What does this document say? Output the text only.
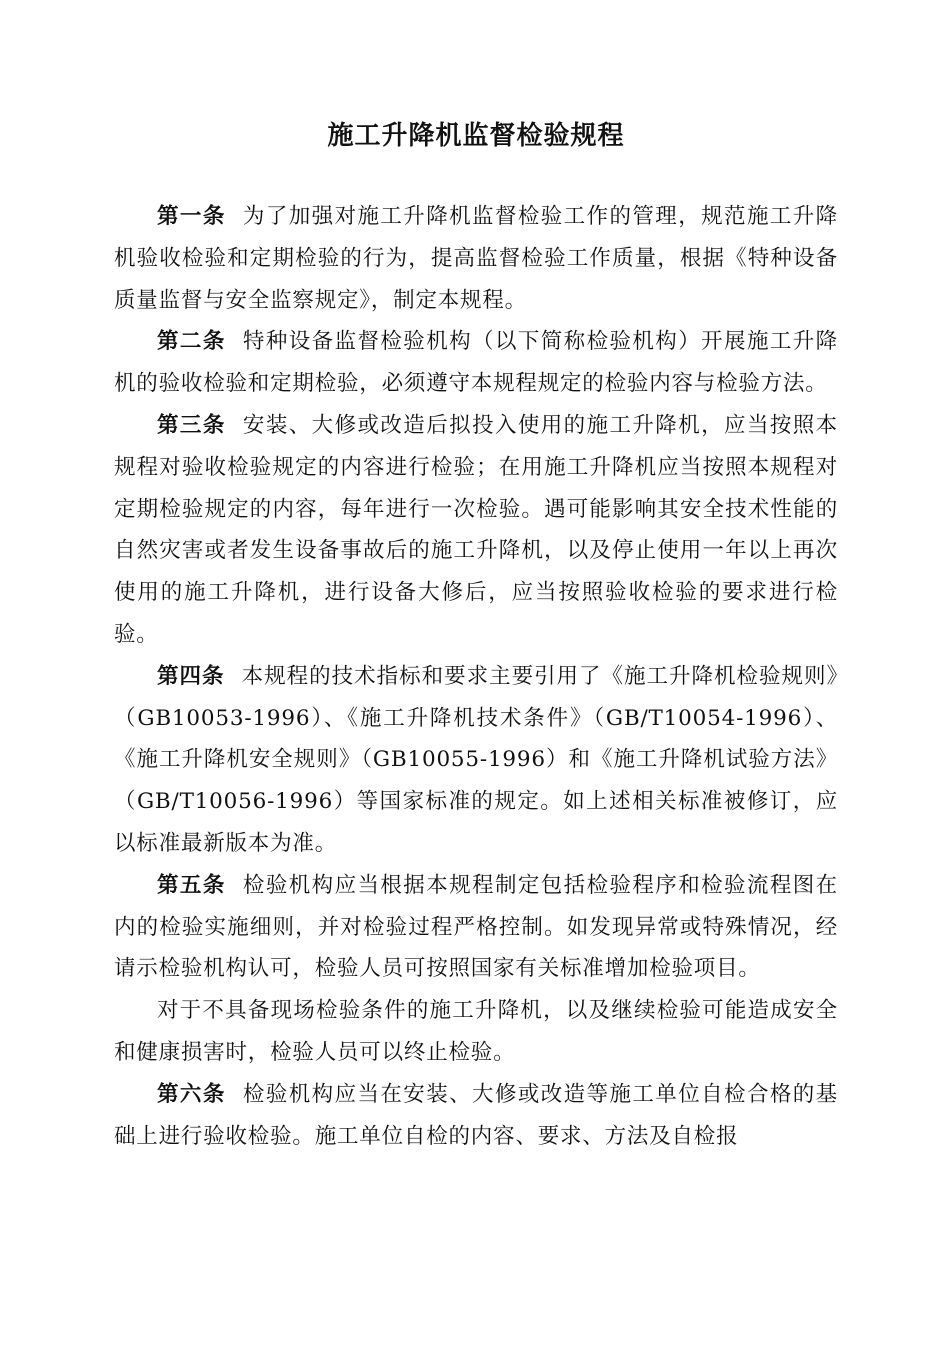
施工升降机监督检验规程

第一条 为了加强对施工升降机监督检验工作的管理，规范施工升降机验收检验和定期检验的行为，提高监督检验工作质量，根据《特种设备质量监督与安全监察规定》，制定本规程。

第二条 特种设备监督检验机构（以下简称检验机构）开展施工升降机的验收检验和定期检验，必须遵守本规程规定的检验内容与检验方法。

第三条 安装、大修或改造后拟投入使用的施工升降机，应当按照本规程对验收检验规定的内容进行检验；在用施工升降机应当按照本规程对定期检验规定的内容，每年进行一次检验。遇可能影响其安全技术性能的自然灾害或者发生设备事故后的施工升降机，以及停止使用一年以上再次使用的施工升降机，进行设备大修后，应当按照验收检验的要求进行检验。

第四条 本规程的技术指标和要求主要引用了《施工升降机检验规则》（GB10053-1996）、《施工升降机技术条件》（GB/T10054-1996）、《施工升降机安全规则》（GB10055-1996）和《施工升降机试验方法》（GB/T10056-1996）等国家标准的规定。如上述相关标准被修订，应以标准最新版本为准。

第五条 检验机构应当根据本规程制定包括检验程序和检验流程图在内的检验实施细则，并对检验过程严格控制。如发现异常或特殊情况，经请示检验机构认可，检验人员可按照国家有关标准增加检验项目。

对于不具备现场检验条件的施工升降机，以及继续检验可能造成安全和健康损害时，检验人员可以终止检验。

第六条 检验机构应当在安装、大修或改造等施工单位自检合格的基础上进行验收检验。施工单位自检的内容、要求、方法及自检报
